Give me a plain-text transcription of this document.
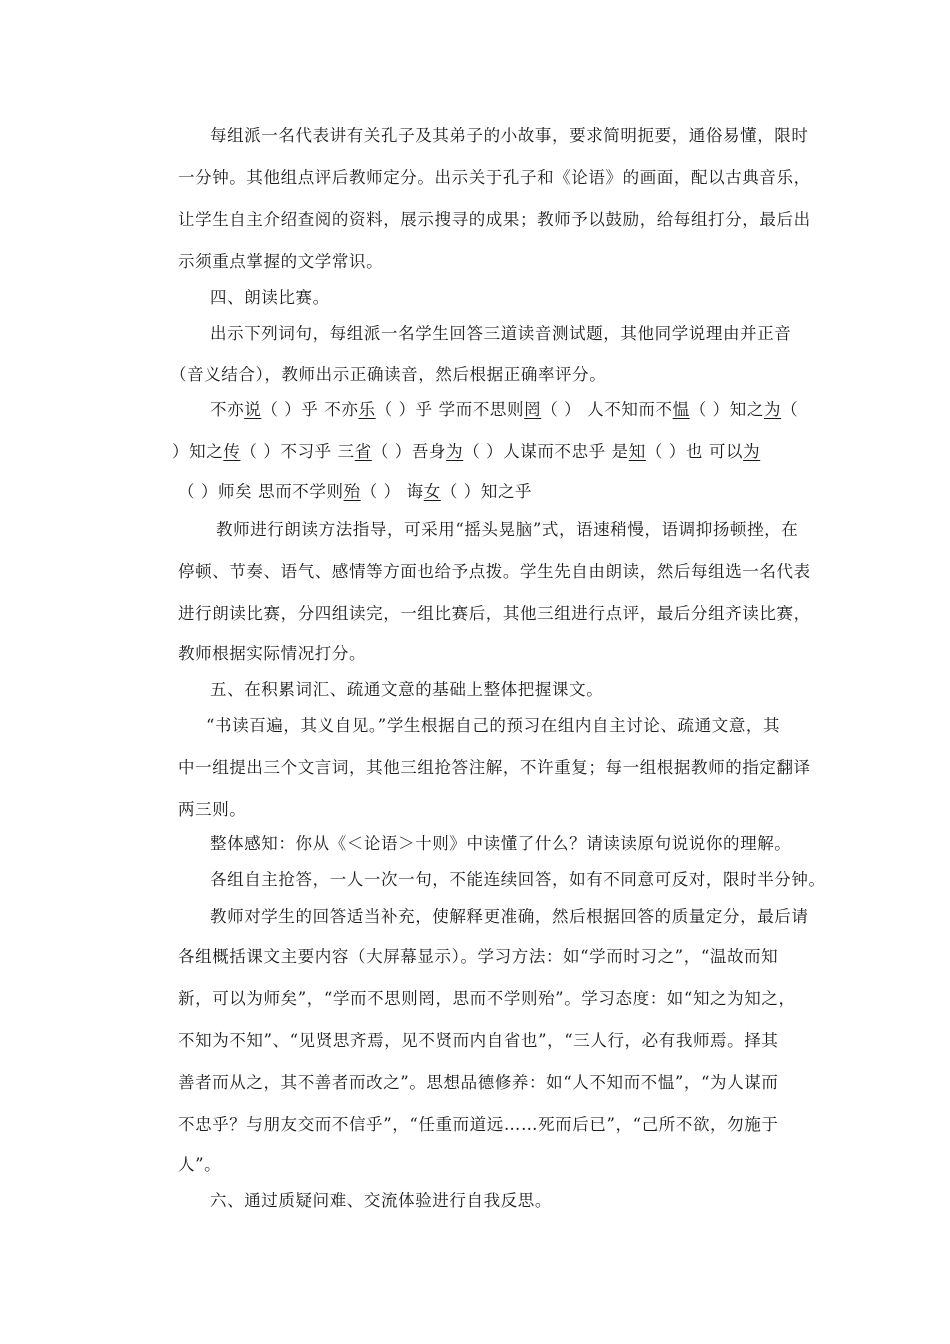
每组派一名代表讲有关孔子及其弟子的小故事，要求简明扼要，通俗易懂，限时
一分钟。其他组点评后教师定分。出示关于孔子和《论语》的画面，配以古典音乐，
让学生自主介绍查阅的资料，展示搜寻的成果；教师予以鼓励，给每组打分，最后出
示须重点掌握的文学常识。
四、朗读比赛。
出示下列词句，每组派一名学生回答三道读音测试题，其他同学说理由并正音
（音义结合），教师出示正确读音，然后根据正确率评分。
不亦说（ ）乎 不亦乐（ ）乎 学而不思则罔（ ） 人不知而不愠（ ）知之为（
）知之传（ ）不习乎 三省（ ）吾身为（ ）人谋而不忠乎 是知（ ）也 可以为
（ ）师矣 思而不学则殆（ ） 诲女（ ）知之乎
教师进行朗读方法指导，可采用“摇头晃脑”式，语速稍慢，语调抑扬顿挫，在
停顿、节奏、语气、感情等方面也给予点拨。学生先自由朗读，然后每组选一名代表
进行朗读比赛，分四组读完，一组比赛后，其他三组进行点评，最后分组齐读比赛，
教师根据实际情况打分。
五、在积累词汇、疏通文意的基础上整体把握课文。
“书读百遍，其义自见。”学生根据自己的预习在组内自主讨论、疏通文意，其
中一组提出三个文言词，其他三组抢答注解，不许重复；每一组根据教师的指定翻译
两三则。
整体感知：你从《＜论语＞十则》中读懂了什么？请读读原句说说你的理解。
各组自主抢答，一人一次一句，不能连续回答，如有不同意可反对，限时半分钟。
教师对学生的回答适当补充，使解释更准确，然后根据回答的质量定分，最后请
各组概括课文主要内容（大屏幕显示）。学习方法：如“学而时习之”，“温故而知
新，可以为师矣”，“学而不思则罔，思而不学则殆”。学习态度：如“知之为知之，
不知为不知”、“见贤思齐焉，见不贤而内自省也”，“三人行，必有我师焉。择其
善者而从之，其不善者而改之”。思想品德修养：如“人不知而不愠”，“为人谋而
不忠乎？与朋友交而不信乎”，“任重而道远……死而后已”，“己所不欲，勿施于
人”。
六、通过质疑问难、交流体验进行自我反思。
